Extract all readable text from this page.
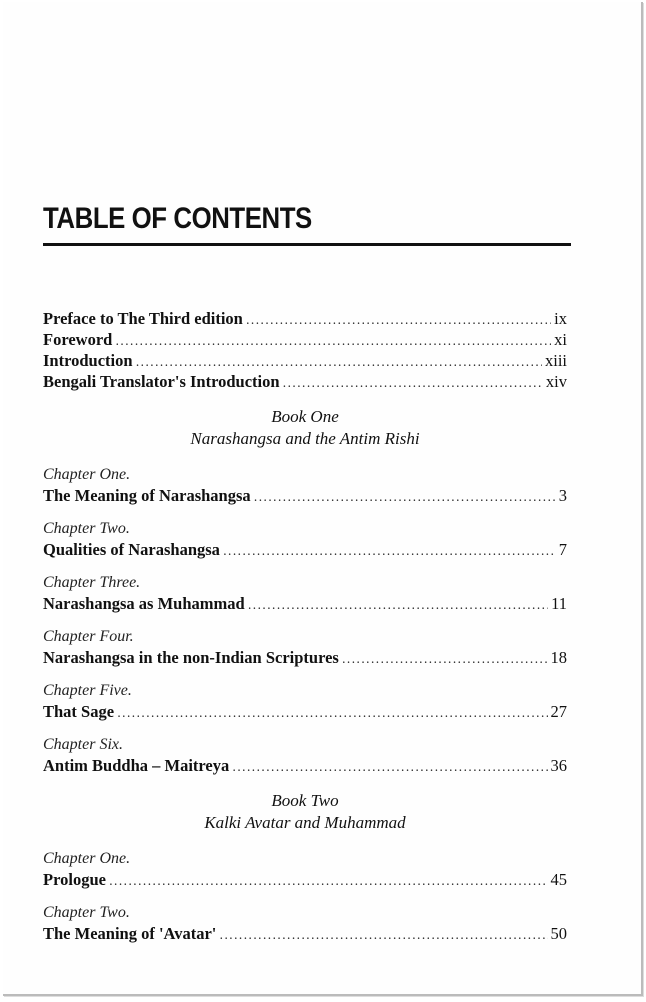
TABLE OF CONTENTS
Preface to The Third edition .....	ix
Foreword .....	xi
Introduction .....	xiii
Bengali Translator's Introduction .....	xiv
Book One
Narashangsa and the Antim Rishi
Chapter One.
The Meaning of Narashangsa .....	3
Chapter Two.
Qualities of Narashangsa .....	7
Chapter Three.
Narashangsa as Muhammad .....	11
Chapter Four.
Narashangsa in the non-Indian Scriptures .....	18
Chapter Five.
That Sage .....	27
Chapter Six.
Antim Buddha – Maitreya .....	36
Book Two
Kalki Avatar and Muhammad
Chapter One.
Prologue .....	45
Chapter Two.
The Meaning of 'Avatar' .....	50
